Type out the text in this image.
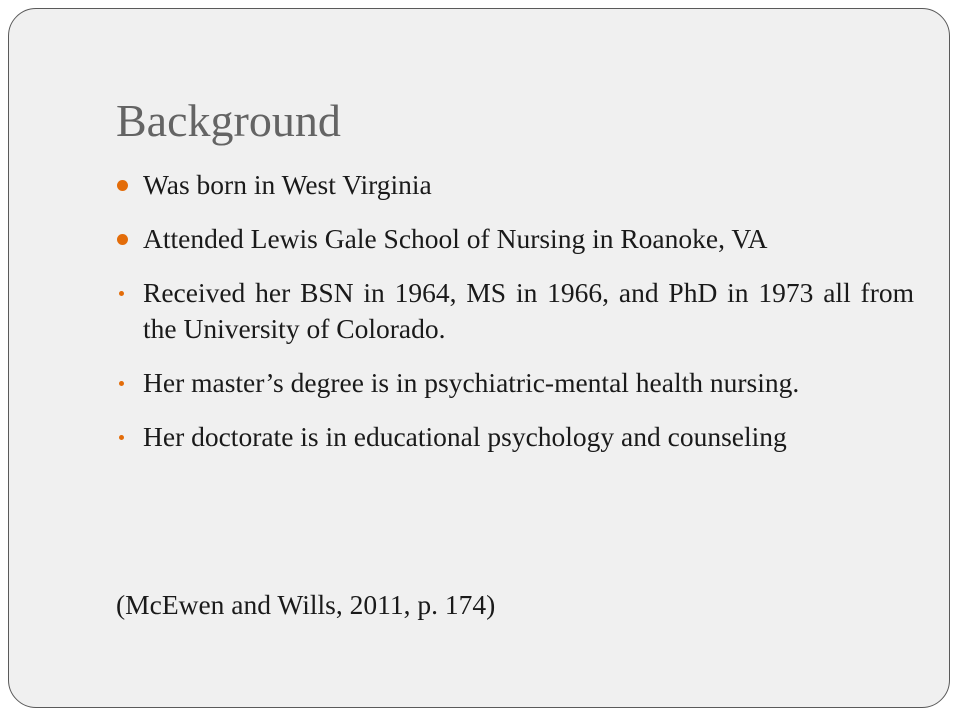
Background
Was born in West Virginia
Attended Lewis Gale School of Nursing in Roanoke, VA
Received her BSN in 1964, MS in 1966, and PhD in 1973 all from the University of Colorado.
Her master’s degree is in psychiatric-mental health nursing.
Her doctorate is in educational psychology and counseling
(McEwen and Wills, 2011, p. 174)
